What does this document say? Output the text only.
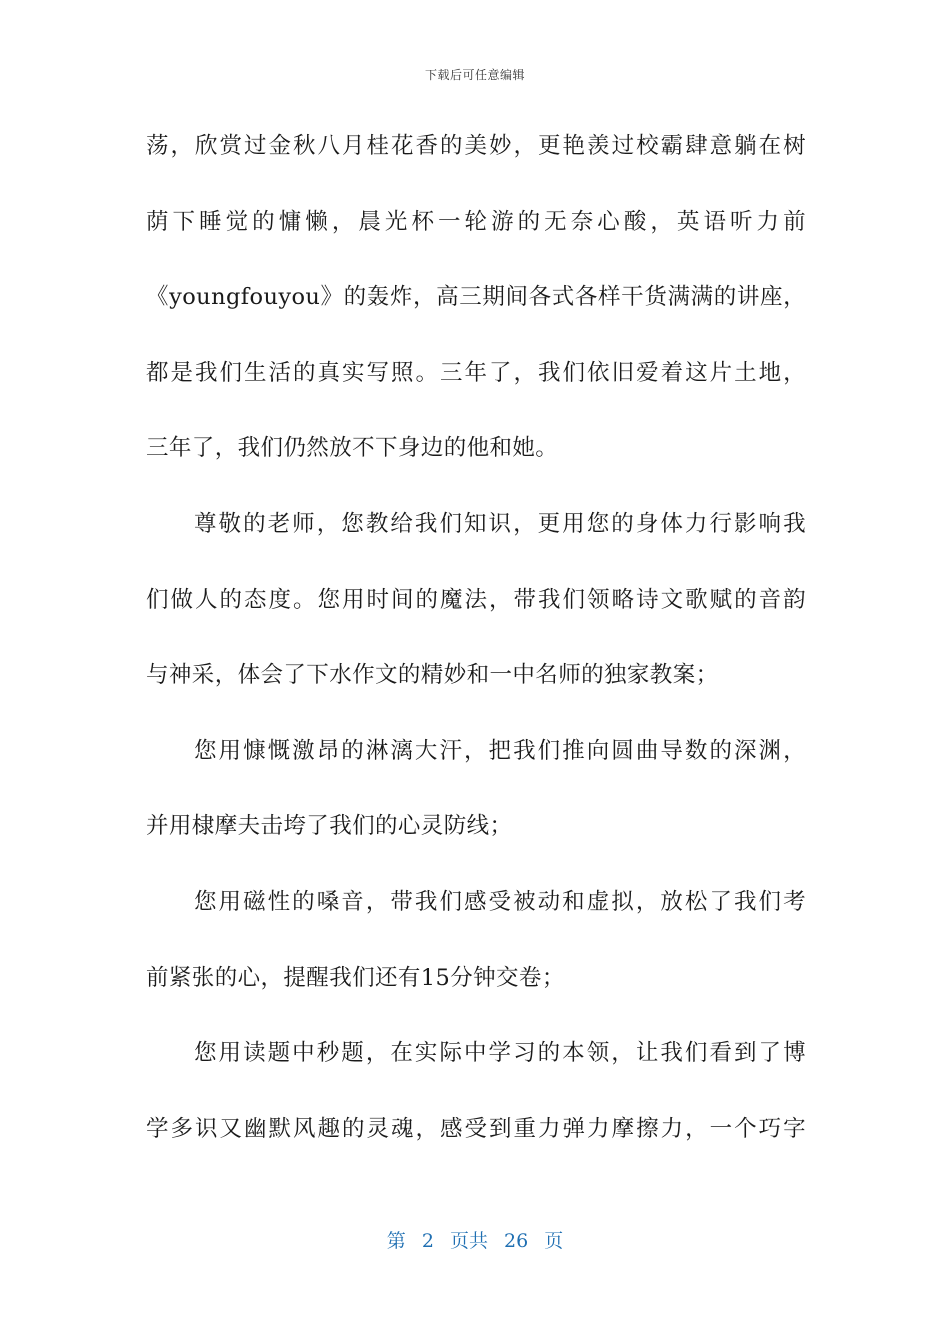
下载后可任意编辑
荡，欣赏过金秋八月桂花香的美妙，更艳羡过校霸肆意躺在树
荫下睡觉的慵懒，晨光杯一轮游的无奈心酸，英语听力前
《youngfouyou》的轰炸，高三期间各式各样干货满满的讲座，
都是我们生活的真实写照。三年了，我们依旧爱着这片土地，
三年了，我们仍然放不下身边的他和她。
尊敬的老师，您教给我们知识，更用您的身体力行影响我
们做人的态度。您用时间的魔法，带我们领略诗文歌赋的音韵
与神采，体会了下水作文的精妙和一中名师的独家教案；
您用慷慨激昂的淋漓大汗，把我们推向圆曲导数的深渊，
并用棣摩夫击垮了我们的心灵防线；
您用磁性的嗓音，带我们感受被动和虚拟，放松了我们考
前紧张的心，提醒我们还有15分钟交卷；
您用读题中秒题，在实际中学习的本领，让我们看到了博
学多识又幽默风趣的灵魂，感受到重力弹力摩擦力，一个巧字
第 2 页共 26 页
